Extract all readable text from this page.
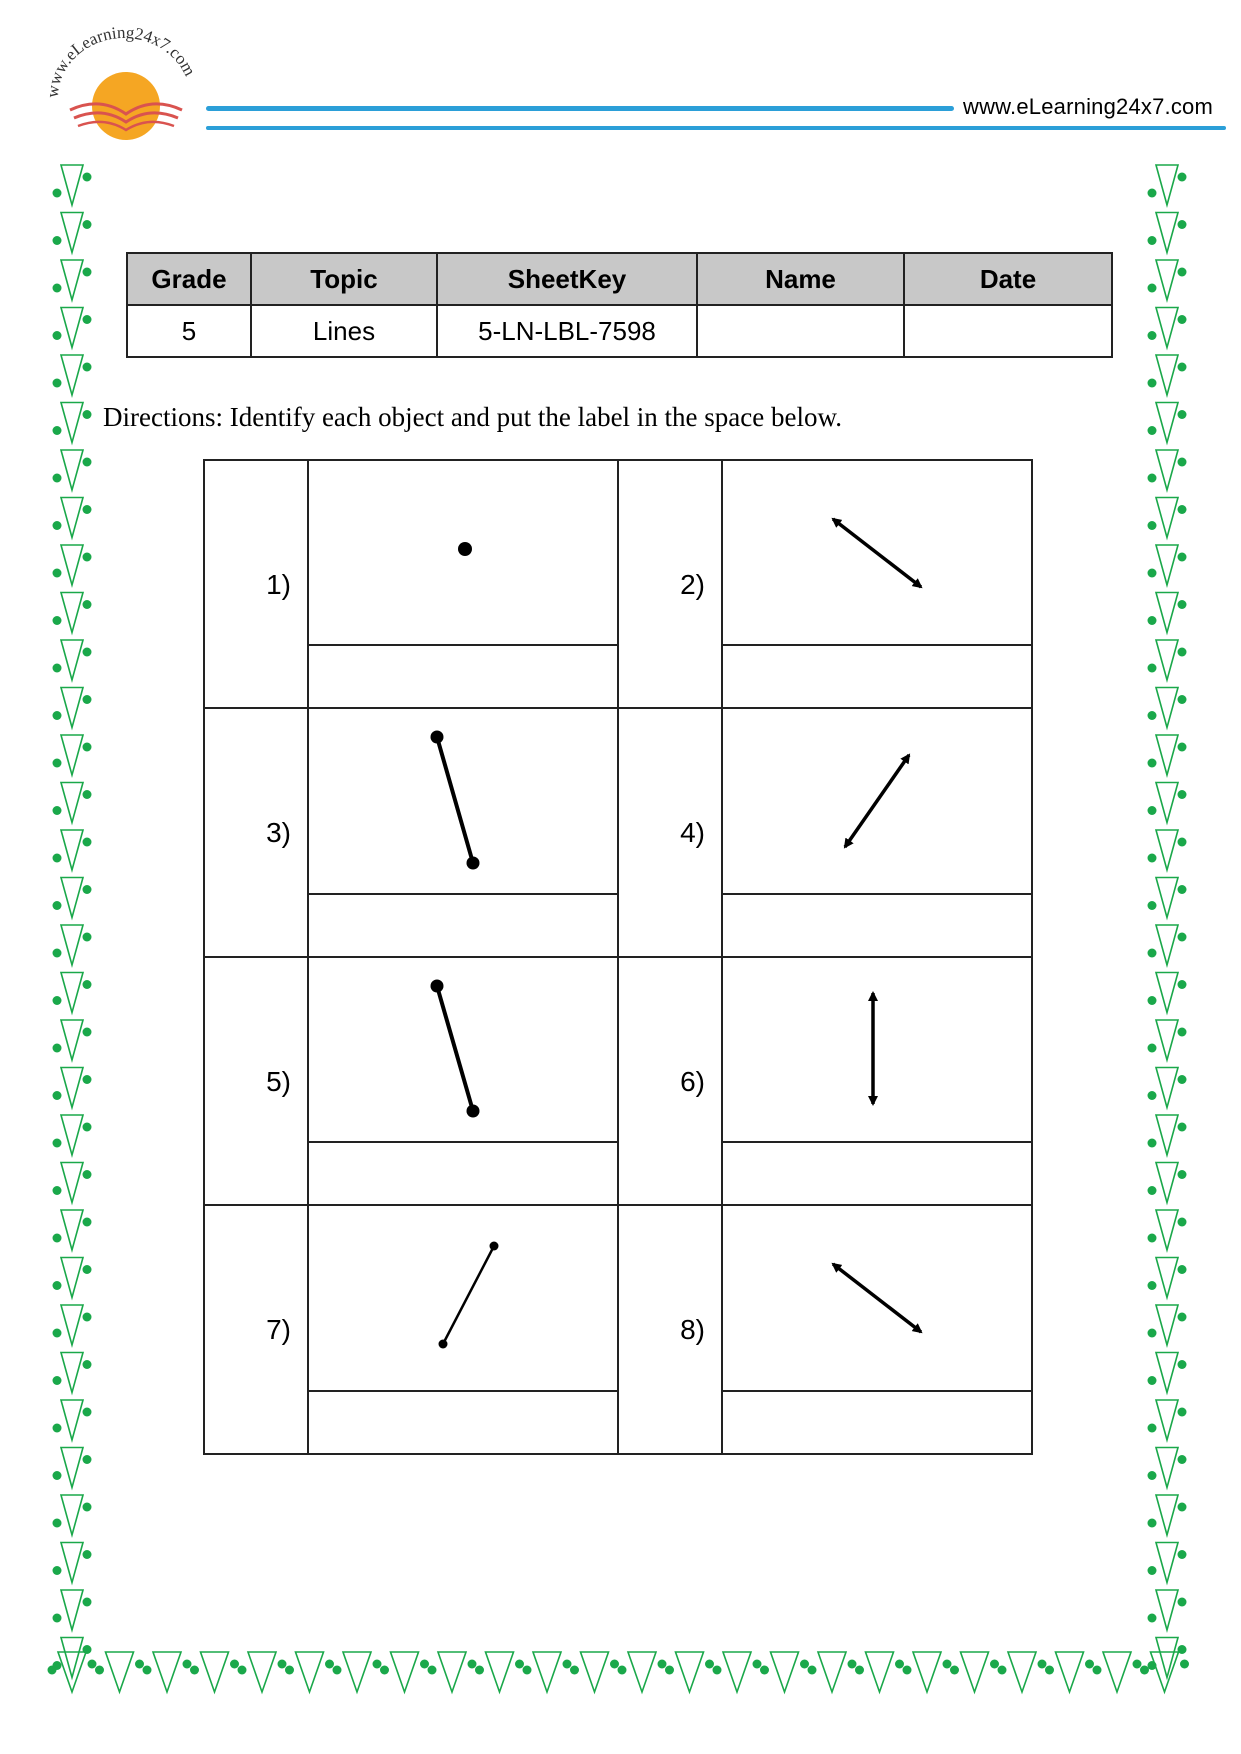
www.eLearning24x7.com
www.eLearning24x7.com
Grade	Topic	SheetKey	Name	Date
5	Lines	5-LN-LBL-7598		
Directions: Identify each object and put the label in the space below.
1)	2)
3)	4)
5)	6)
7)	8)
